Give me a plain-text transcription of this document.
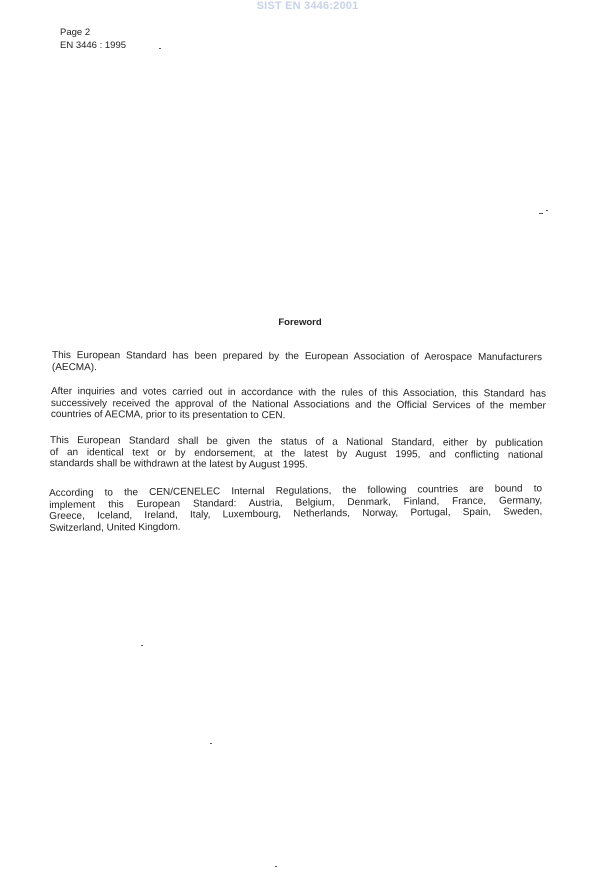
SIST EN 3446:2001
Page 2
EN 3446 : 1995
Foreword
This European Standard has been prepared by the European Association of Aerospace Manufacturers
(AECMA).
After inquiries and votes carried out in accordance with the rules of this Association, this Standard has
successively received the approval of the National Associations and the Official Services of the member
countries of AECMA, prior to its presentation to CEN.
This European Standard shall be given the status of a National Standard, either by publication
of an identical text or by endorsement, at the latest by August 1995, and conflicting national
standards shall be withdrawn at the latest by August 1995.
According to the CEN/CENELEC Internal Regulations, the following countries are bound to
implement this European Standard: Austria, Belgium, Denmark, Finland, France, Germany,
Greece, Iceland, Ireland, Italy, Luxembourg, Netherlands, Norway, Portugal, Spain, Sweden,
Switzerland, United Kingdom.
